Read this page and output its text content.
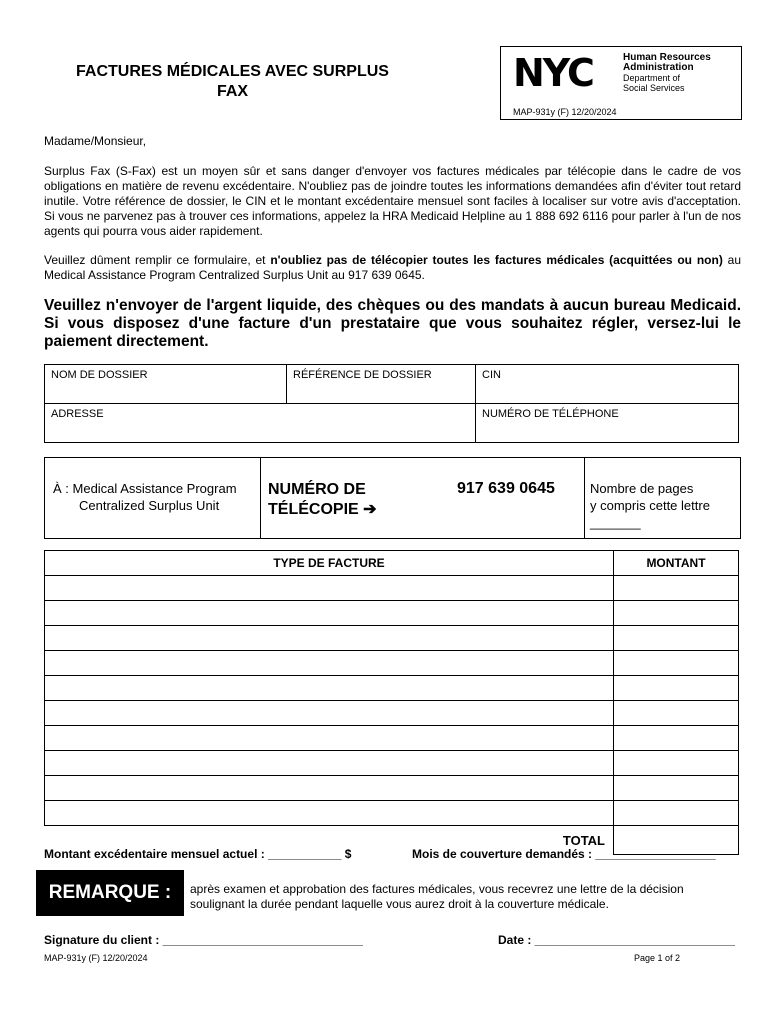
FACTURES MÉDICALES AVEC SURPLUS
FAX	NYC	Human Resources
Administration
Department of
Social Services
MAP-931y (F) 12/20/2024
Madame/Monsieur,
Surplus Fax (S-Fax) est un moyen sûr et sans danger d'envoyer vos factures médicales par télécopie dans le cadre de vos obligations en matière de revenu excédentaire. N'oubliez pas de joindre toutes les informations demandées afin d'éviter tout retard inutile. Votre référence de dossier, le CIN et le montant excédentaire mensuel sont faciles à localiser sur votre avis d'acceptation. Si vous ne parvenez pas à trouver ces informations, appelez la HRA Medicaid Helpline au 1 888 692 6116 pour parler à l'un de nos agents qui pourra vous aider rapidement.
Veuillez dûment remplir ce formulaire, et n'oubliez pas de télécopier toutes les factures médicales (acquittées ou non) au Medical Assistance Program Centralized Surplus Unit au 917 639 0645.
Veuillez n'envoyer de l'argent liquide, des chèques ou des mandats à aucun bureau Medicaid. Si vous disposez d'une facture d'un prestataire que vous souhaitez régler, versez-lui le paiement directement.
NOM DE DOSSIER	RÉFÉRENCE DE DOSSIER	CIN
ADRESSE		NUMÉRO DE TÉLÉPHONE
À : Medical Assistance Program
Centralized Surplus Unit
NUMÉRO DE
TÉLÉCOPIE ➔
917 639 0645	Nombre de pages
y compris cette lettre
_______
TYPE DE FACTURE	MONTANT

TOTAL	
Montant excédentaire mensuel actuel : ___________ $	Mois de couverture demandés : __________________
REMARQUE :	après examen et approbation des factures médicales, vous recevrez une lettre de la décision
soulignant la durée pendant laquelle vous aurez droit à la couverture médicale.
Signature du client : ______________________________	Date : ______________________________
MAP-931y (F) 12/20/2024	Page 1 of 2
